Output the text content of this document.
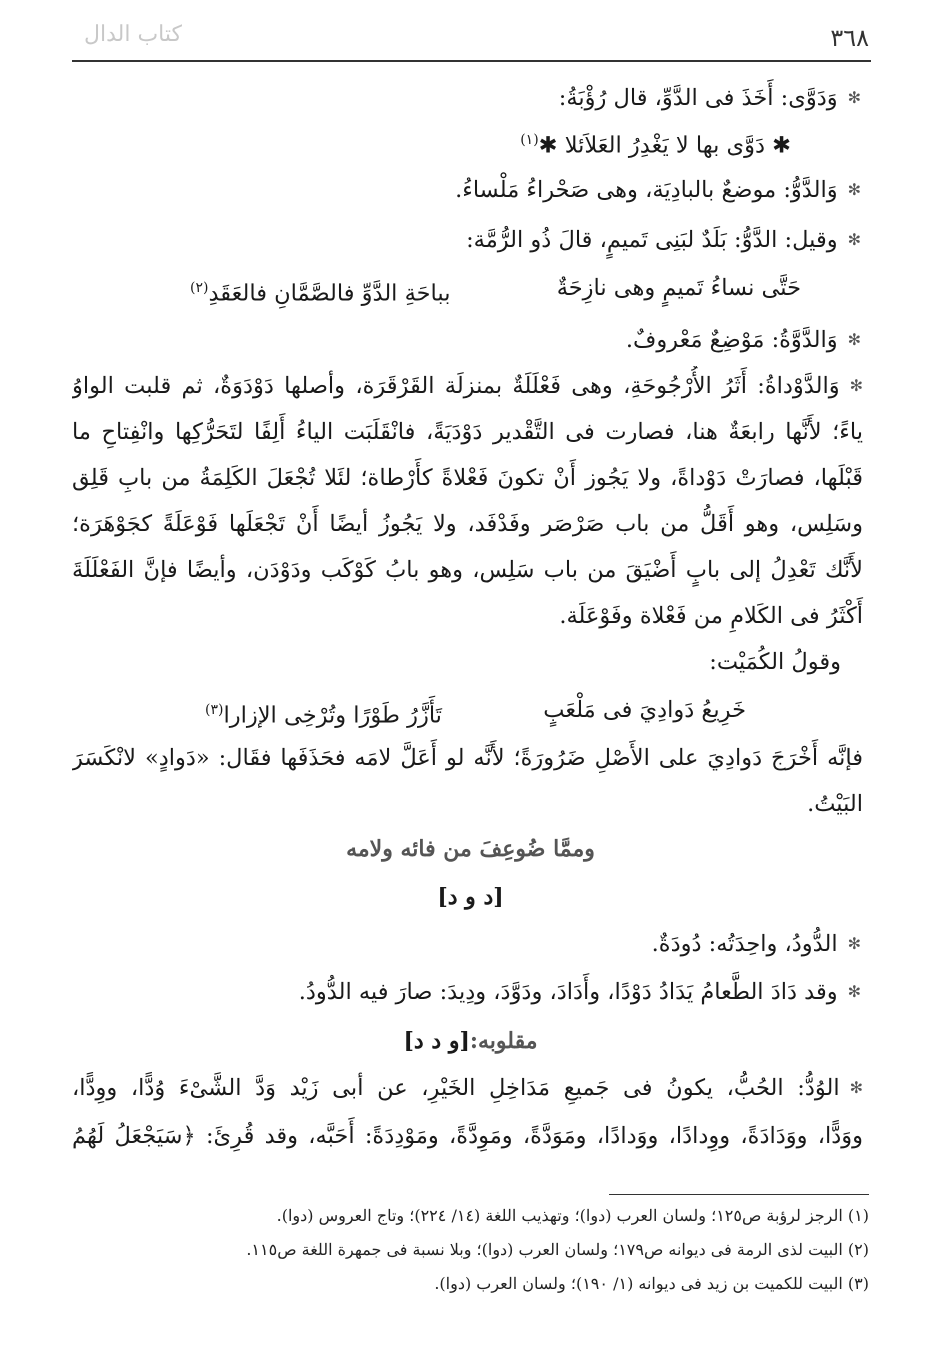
٣٦٨
كتاب الدال
✻وَدَوَّى: أَخَذَ فى الدَّوِّ، قال رُؤْبَةُ:
✱ دَوَّى بها لا يَغْدِرُ العَلاَئلا ✱$^{(١)}$
✻وَالدَّوُّ: موضعٌ بالبادِيَة، وهى صَحْراءُ مَلْساءُ.
✻وقيل: الدَّوُّ: بَلَدٌ لبَنِى تَميمٍ، قالَ ذُو الرُّمَّة:
حَتَّى نساءُ تَميمٍ وهى نازِحَةٌ
بباحَةِ الدَّوِّ فالصَّمَّانِ فالعَقَدِ$^{(٢)}$
✻وَالدَّوَّةُ: مَوْضِعٌ مَعْروفٌ.
✻وَالدَّوْداةُ: أَثَرُ الأُرْجُوحَةِ، وهى فَعْلَلَةٌ بمنزلَة القَرْقَرَة، وأصلها دَوْدَوَةٌ، ثم قلبت الواوُ
ياءً؛ لأَنَّها رابعَةٌ هنا، فصارت فى التَّقْدير دَوْدَيَةً، فانْقَلَبَت الياءُ أَلِفًا لتَحَرُّكِها وانْفِتاحِ ما
قَبْلَها، فصارَتْ دَوْداةً، ولا يَجُوز أَنْ تكونَ فَعْلاةً كأَرْطاة؛ لئَلا تُجْعَلَ الكَلِمَةُ من بابِ قَلِق
وسَلِس، وهو أَقَلُّ من باب صَرْصَر وفَدْفَد، ولا يَجُوزُ أيضًا أَنْ تَجْعَلَها فَوْعَلَةً كجَوْهَرَة؛
لأَنَّك تَعْدِلُ إلى بابٍ أَضْيَقَ من باب سَلِس، وهو بابُ كَوْكَب ودَوْدَن، وأيضًا فإنَّ الفَعْلَلَةَ
أَكْثَرُ فى الكَلامِ من فَعْلاة وفَوْعَلَة.
وقولُ الكُمَيْت:
خَرِيعُ دَوادِيَ فى مَلْعَبٍ
تَأَزَّرُ طَوْرًا وتُرْخِى الإزارا$^{(٣)}$
فإنَّه أَخْرَجَ دَوادِيَ على الأَصْلِ ضَرُورَةً؛ لأَنَّه لو أَعَلَّ لامَه فحَذَفَها فقَال: «دَوادٍ» لانْكَسَرَ
البَيْتُ.
وممَّا ضُوعِفَ من فائه ولامه
[د و د]
✻الدُّودُ، واحِدَتُه: دُودَةٌ.
✻وقد دَادَ الطَّعامُ يَدَادُ دَوْدًا، وأَدَادَ، ودَوَّدَ، ودِيدَ: صارَ فيه الدُّودُ.
مقلوبه:[و د د]
✻الوُدُّ: الحُبُّ، يكونُ فى جَميعِ مَدَاخِلِ الخَيْرِ، عن أبى زَيْد وَدَّ الشَّىْءَ وُدًّا، ووِدًّا،
ووَدًّا، ووَدَادَةً، ووِدادًا، ووَدادًا، ومَوَدَّةً، ومَوِدَّةً، ومَوْدِدَةً: أَحَبَّه، وقد قُرِئَ: ﴿سَيَجْعَلُ لَهُمُ
(١) الرجز لرؤبة ص١٢٥؛ ولسان العرب (دوا)؛ وتهذيب اللغة (١٤/ ٢٢٤)؛ وتاج العروس (دوا).
(٢) البيت لذى الرمة فى ديوانه ص١٧٩؛ ولسان العرب (دوا)؛ وبلا نسبة فى جمهرة اللغة ص١١٥.
(٣) البيت للكميت بن زيد فى ديوانه (١/ ١٩٠)؛ ولسان العرب (دوا).
